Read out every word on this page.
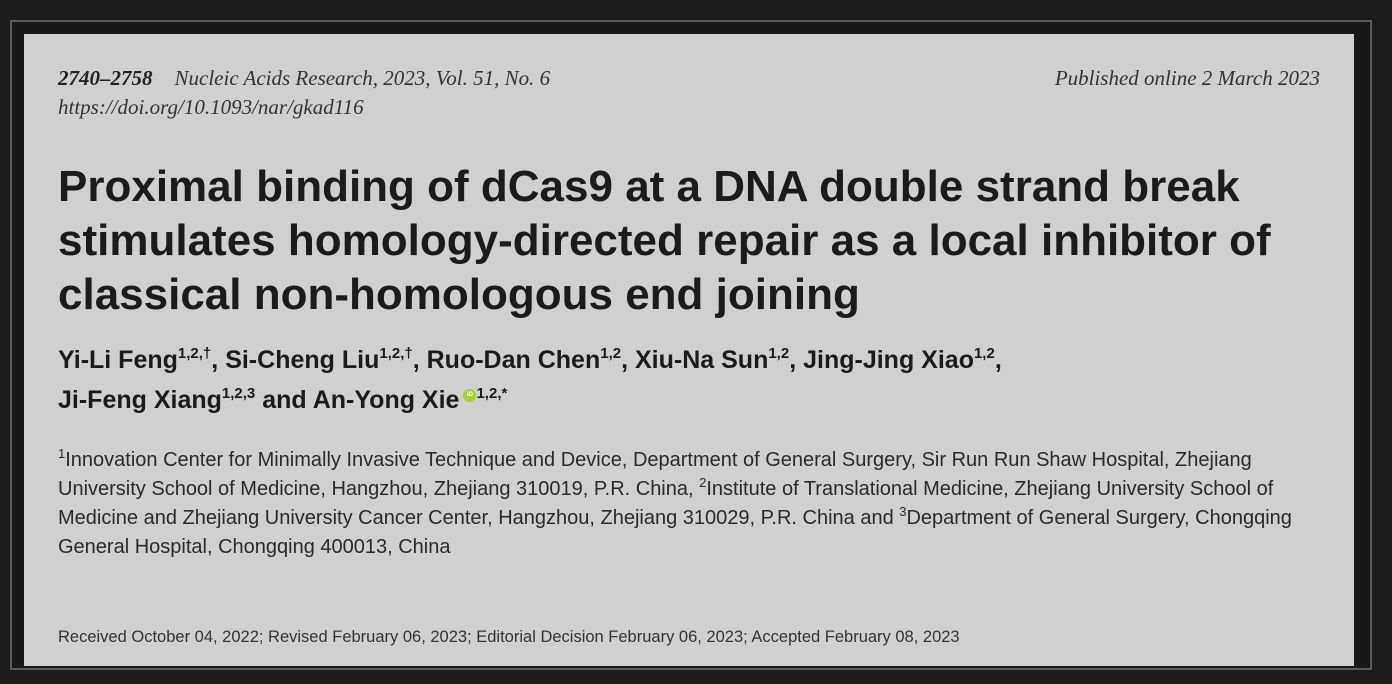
2740–2758 Nucleic Acids Research, 2023, Vol. 51, No. 6	Published online 2 March 2023
https://doi.org/10.1093/nar/gkad116
Proximal binding of dCas9 at a DNA double strand break stimulates homology-directed repair as a local inhibitor of classical non-homologous end joining
Yi-Li Feng$^{1,2,\dagger}$, Si-Cheng Liu$^{1,2,\dagger}$, Ruo-Dan Chen$^{1,2}$, Xiu-Na Sun$^{1,2}$, Jing-Jing Xiao$^{1,2}$,
Ji-Feng Xiang$^{1,2,3}$ and An-Yong Xie iD $^{1,2,*}$
$^1$Innovation Center for Minimally Invasive Technique and Device, Department of General Surgery, Sir Run Run Shaw Hospital, Zhejiang University School of Medicine, Hangzhou, Zhejiang 310019, P.R. China, $^2$Institute of Translational Medicine, Zhejiang University School of Medicine and Zhejiang University Cancer Center, Hangzhou, Zhejiang 310029, P.R. China and $^3$Department of General Surgery, Chongqing General Hospital, Chongqing 400013, China
Received October 04, 2022; Revised February 06, 2023; Editorial Decision February 06, 2023; Accepted February 08, 2023
